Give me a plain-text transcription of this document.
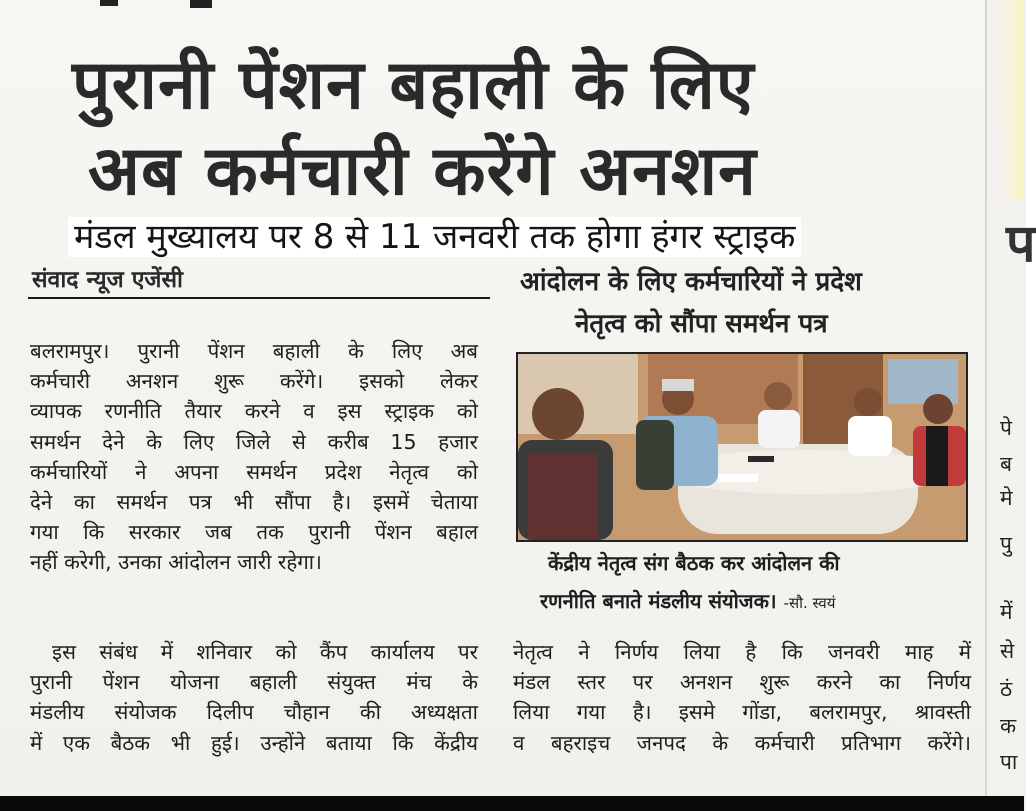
पुरानी पेंशन बहाली के लिए
अब कर्मचारी करेंगे अनशन
मंडल मुख्यालय पर 8 से 11 जनवरी तक होगा हंगर स्ट्राइक
संवाद न्यूज एजेंसी	आंदोलन के लिए कर्मचारियों ने प्रदेश
नेतृत्व को सौंपा समर्थन पत्र
बलरामपुर। पुरानी पेंशन बहाली के लिए अब
कर्मचारी अनशन शुरू करेंगे। इसको लेकर
व्यापक रणनीति तैयार करने व इस स्ट्राइक को
समर्थन देने के लिए जिले से करीब 15 हजार
कर्मचारियों ने अपना समर्थन प्रदेश नेतृत्व को
देने का समर्थन पत्र भी सौंपा है। इसमें चेताया
गया कि सरकार जब तक पुरानी पेंशन बहाल
नहीं करेगी, उनका आंदोलन जारी रहेगा।
इस संबंध में शनिवार को कैंप कार्यालय पर
पुरानी पेंशन योजना बहाली संयुक्त मंच के
मंडलीय संयोजक दिलीप चौहान की अध्यक्षता
में एक बैठक भी हुई। उन्होंने बताया कि केंद्रीय
नेतृत्व ने निर्णय लिया है कि जनवरी माह में
मंडल स्तर पर अनशन शुरू करने का निर्णय
लिया गया है। इसमे गोंडा, बलरामपुर, श्रावस्ती
व बहराइच जनपद के कर्मचारी प्रतिभाग करेंगे।
केंद्रीय नेतृत्व संग बैठक कर आंदोलन की
रणनीति बनाते मंडलीय संयोजक। -सौ. स्वयं
प
पे
ब
मे
पु
में
से
ठं
क
पा
